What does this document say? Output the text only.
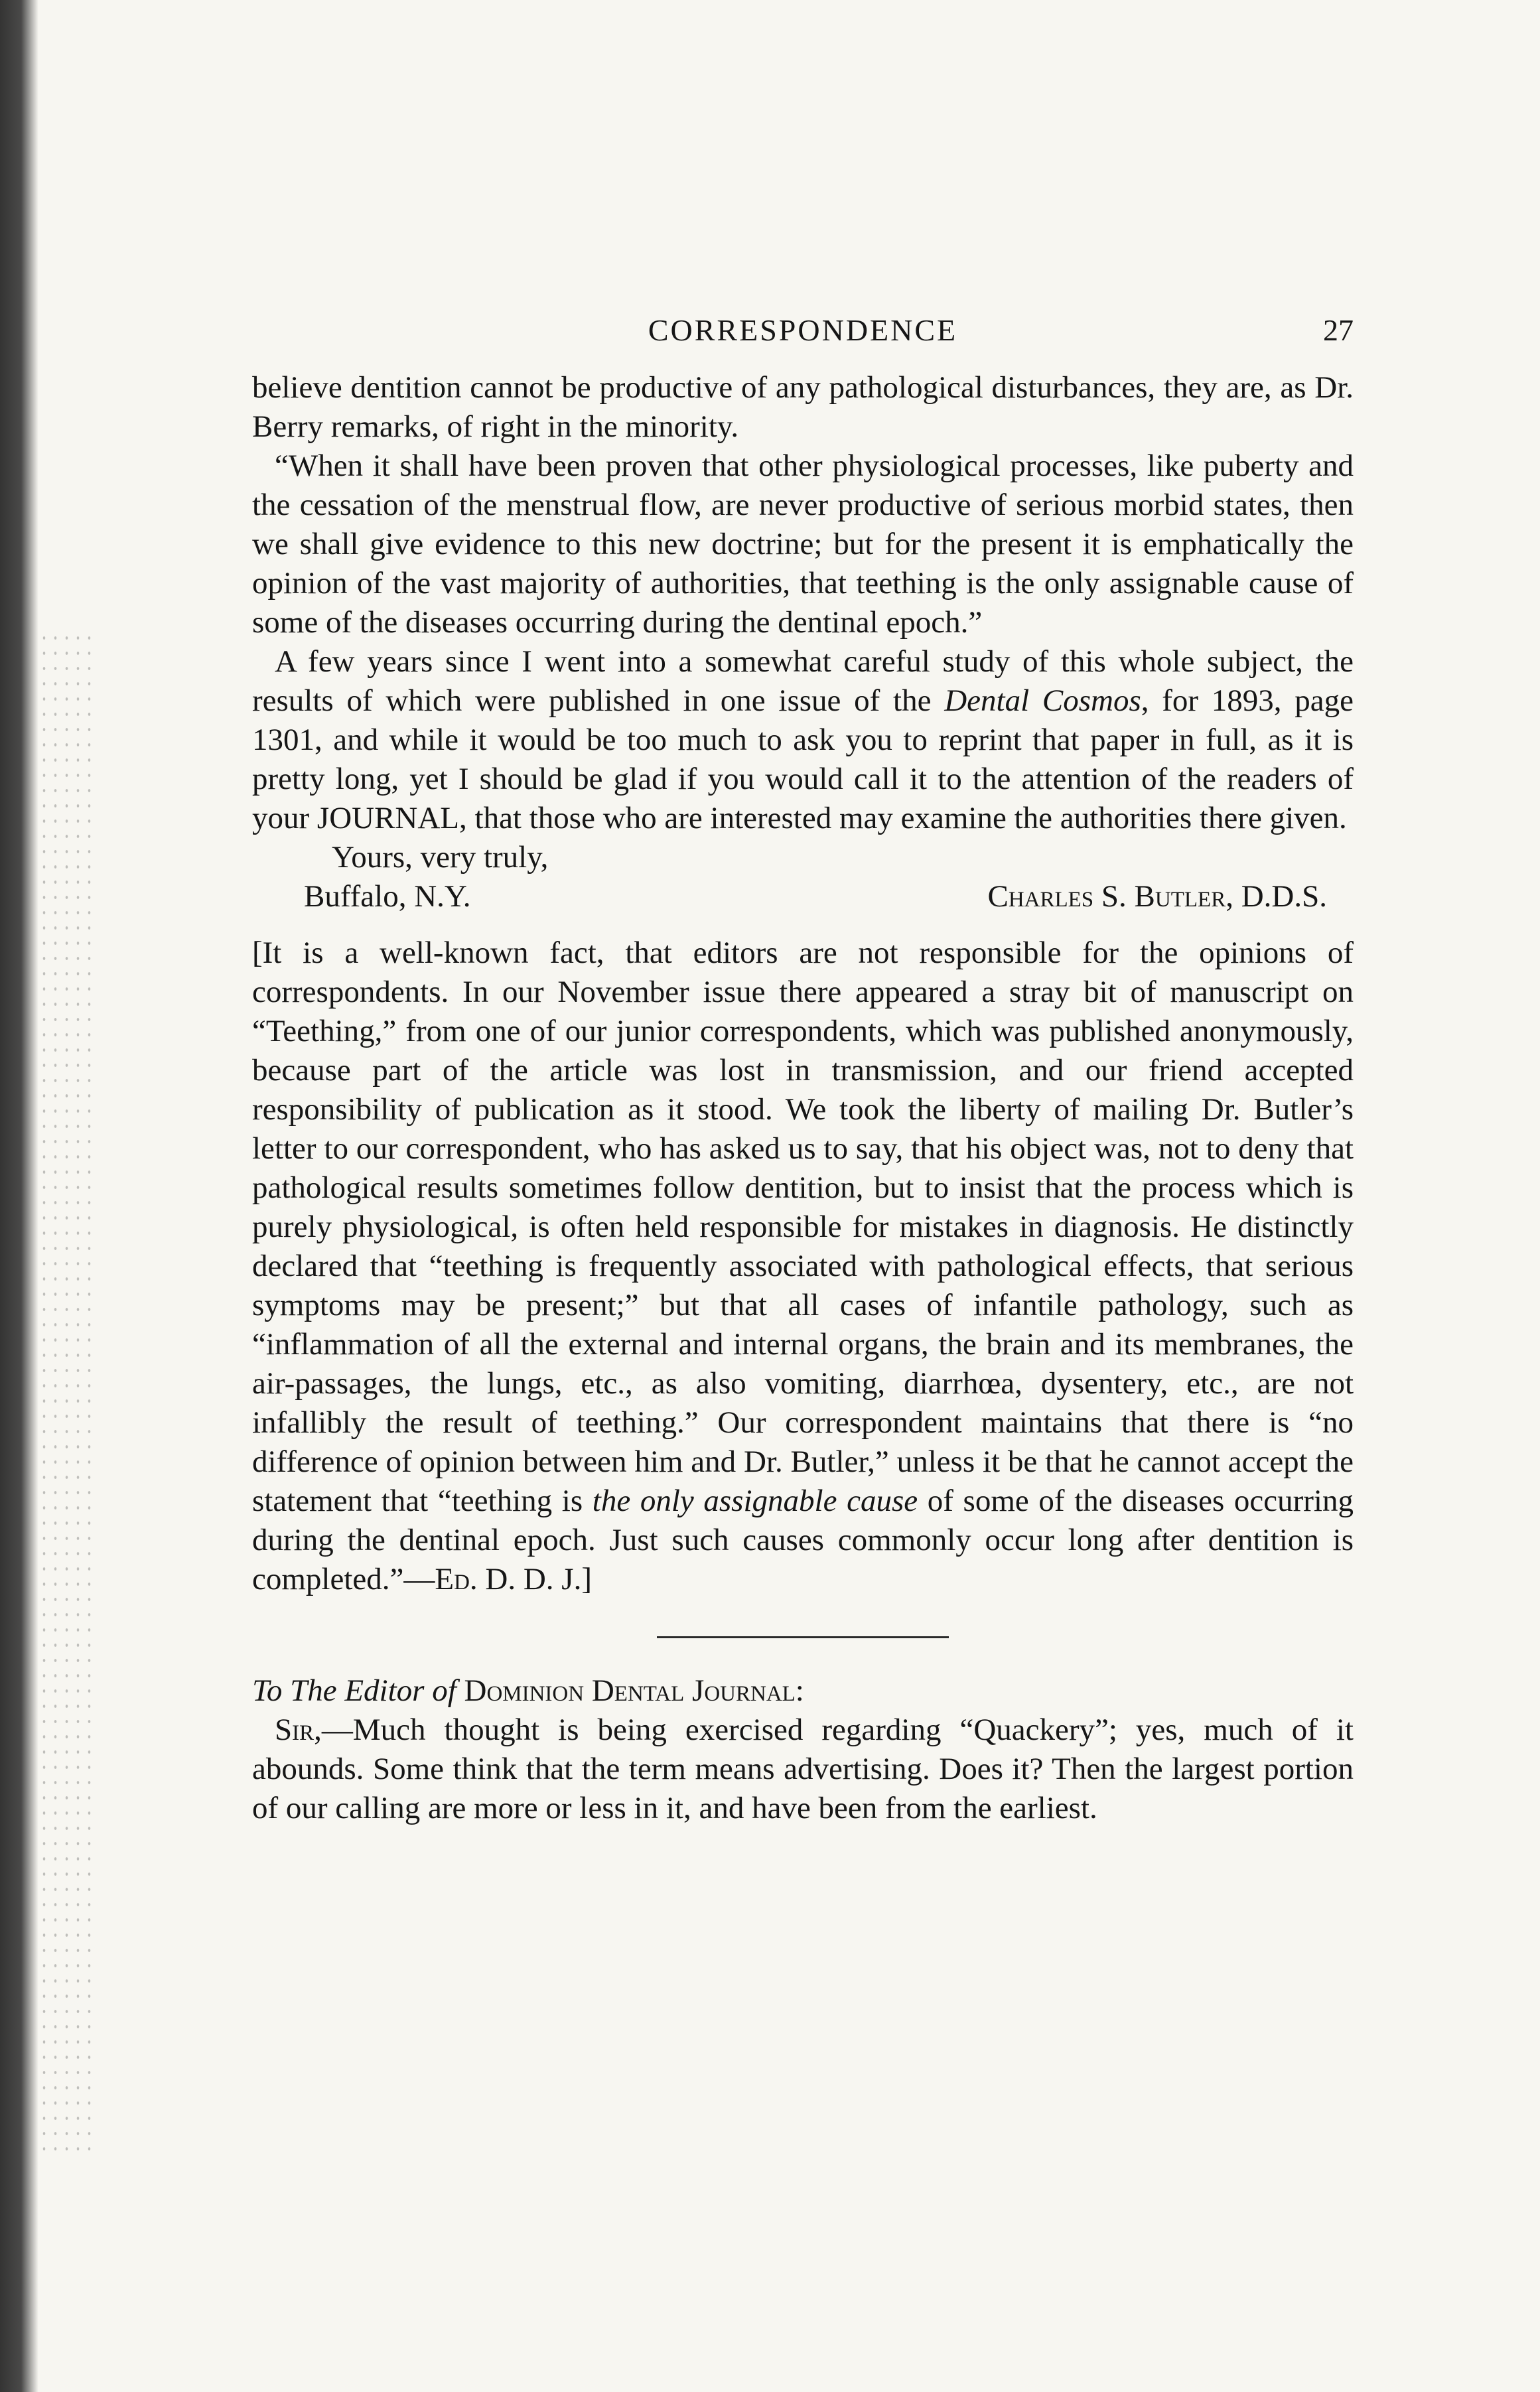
CORRESPONDENCE	27

believe dentition cannot be productive of any pathological disturbances, they are, as Dr. Berry remarks, of right in the minority.

“When it shall have been proven that other physiological processes, like puberty and the cessation of the menstrual flow, are never productive of serious morbid states, then we shall give evidence to this new doctrine; but for the present it is emphatically the opinion of the vast majority of authorities, that teething is the only assignable cause of some of the diseases occurring during the dentinal epoch.”

A few years since I went into a somewhat careful study of this whole subject, the results of which were published in one issue of the Dental Cosmos, for 1893, page 1301, and while it would be too much to ask you to reprint that paper in full, as it is pretty long, yet I should be glad if you would call it to the attention of the readers of your JOURNAL, that those who are interested may examine the authorities there given.

Yours, very truly,

Buffalo, N.Y.	Charles S. Butler, D.D.S.

[It is a well-known fact, that editors are not responsible for the opinions of correspondents. In our November issue there appeared a stray bit of manuscript on “Teething,” from one of our junior correspondents, which was published anonymously, because part of the article was lost in transmission, and our friend accepted responsibility of publication as it stood. We took the liberty of mailing Dr. Butler’s letter to our correspondent, who has asked us to say, that his object was, not to deny that pathological results sometimes follow dentition, but to insist that the process which is purely physiological, is often held responsible for mistakes in diagnosis. He distinctly declared that “teething is frequently associated with pathological effects, that serious symptoms may be present;” but that all cases of infantile pathology, such as “inflammation of all the external and internal organs, the brain and its membranes, the air-passages, the lungs, etc., as also vomiting, diarrhœa, dysentery, etc., are not infallibly the result of teething.” Our correspondent maintains that there is “no difference of opinion between him and Dr. Butler,” unless it be that he cannot accept the statement that “teething is the only assignable cause of some of the diseases occurring during the dentinal epoch. Just such causes commonly occur long after dentition is completed.”—Ed. D. D. J.]

To The Editor of Dominion Dental Journal:

Sir,—Much thought is being exercised regarding “Quackery”; yes, much of it abounds. Some think that the term means advertising. Does it? Then the largest portion of our calling are more or less in it, and have been from the earliest.
